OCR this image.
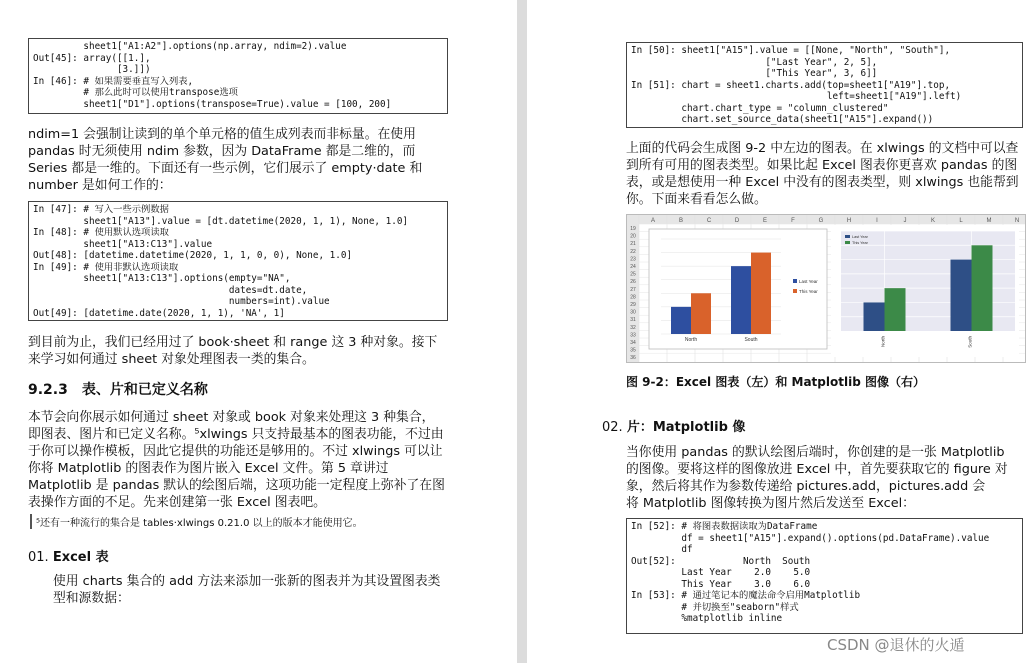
sheet1["A1:A2"].options(np.array, ndim=2).value
Out[45]: array([[1.],
[3.]])
In [46]: # 如果需要垂直写入列表,
# 那么此时可以使用transpose选项
sheet1["D1"].options(transpose=True).value = [100, 200]
ndim=1 会强制让读到的单个单元格的值生成列表而非标量。在使用
pandas 时无须使用 ndim 参数，因为 DataFrame 都是二维的，而
Series 都是一维的。下面还有一些示例，它们展示了 empty·date 和
number 是如何工作的：
In [47]: # 写入一些示例数据
sheet1["A13"].value = [dt.datetime(2020, 1, 1), None, 1.0]
In [48]: # 使用默认选项读取
sheet1["A13:C13"].value
Out[48]: [datetime.datetime(2020, 1, 1, 0, 0), None, 1.0]
In [49]: # 使用非默认选项读取
sheet1["A13:C13"].options(empty="NA",
dates=dt.date,
numbers=int).value
Out[49]: [datetime.date(2020, 1, 1), 'NA', 1]
到目前为止，我们已经用过了 book·sheet 和 range 这 3 种对象。接下
来学习如何通过 sheet 对象处理图表一类的集合。
9.2.3　表、片和已定义名称
本节会向你展示如何通过 sheet 对象或 book 对象来处理这 3 种集合，
即图表、图片和已定义名称。⁵xlwings 只支持最基本的图表功能，不过由
于你可以操作模板，因此它提供的功能还是够用的。不过 xlwings 可以让
你将 Matplotlib 的图表作为图片嵌入 Excel 文件。第 5 章讲过
Matplotlib 是 pandas 默认的绘图后端，这项功能一定程度上弥补了在图
表操作方面的不足。先来创建第一张 Excel 图表吧。
⁵还有一种流行的集合是 tables·xlwings 0.21.0 以上的版本才能使用它。
01. Excel 表
使用 charts 集合的 add 方法来添加一张新的图表并为其设置图表类
型和源数据：
In [50]: sheet1["A15"].value = [[None, "North", "South"],
["Last Year", 2, 5],
["This Year", 3, 6]]
In [51]: chart = sheet1.charts.add(top=sheet1["A19"].top,
left=sheet1["A19"].left)
chart.chart_type = "column_clustered"
chart.set_source_data(sheet1["A15"].expand())
上面的代码会生成图 9-2 中左边的图表。在 xlwings 的文档中可以查
到所有可用的图表类型。如果比起 Excel 图表你更喜欢 pandas 的图
表，或是想使用一种 Excel 中没有的图表类型，则 xlwings 也能帮到
你。下面来看看怎么做。
A	B	C	D	E	F	G	H	I	J	K	L	M	N
19
20
21
22
23
24
25
26
27
28
29
30
31
32
33
34
35
36
North	South
Last Year
This Year
North	South
Last Year
This Year
图 9-2：Excel 图表（左）和 Matplotlib 图像（右）
02. 片：Matplotlib 像
当你使用 pandas 的默认绘图后端时，你创建的是一张 Matplotlib
的图像。要将这样的图像放进 Excel 中，首先要获取它的 figure 对
象，然后将其作为参数传递给 pictures.add，pictures.add 会
将 Matplotlib 图像转换为图片然后发送至 Excel：
In [52]: # 将图表数据读取为DataFrame
df = sheet1["A15"].expand().options(pd.DataFrame).value
df
Out[52]:            North  South
Last Year    2.0    5.0
This Year    3.0    6.0
In [53]: # 通过笔记本的魔法命令启用Matplotlib
# 并切换至"seaborn"样式
%matplotlib inline
CSDN @退休的火遁
